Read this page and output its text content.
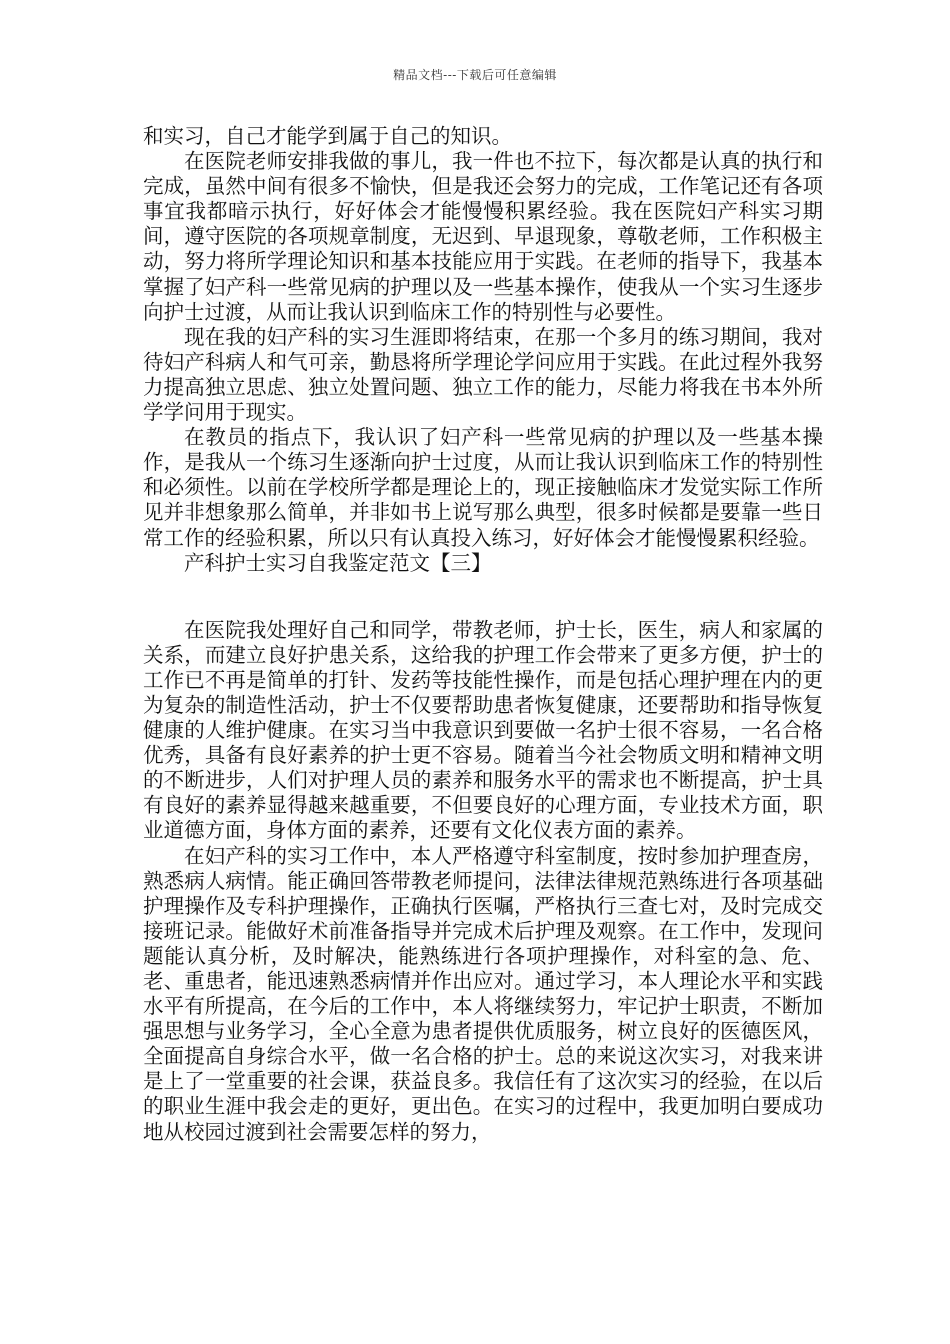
精品文档---下载后可任意编辑

和实习，自己才能学到属于自己的知识。

在医院老师安排我做的事儿，我一件也不拉下，每次都是认真的执行和完成，虽然中间有很多不愉快，但是我还会努力的完成，工作笔记还有各项事宜我都暗示执行，好好体会才能慢慢积累经验。我在医院妇产科实习期间，遵守医院的各项规章制度，无迟到、早退现象，尊敬老师，工作积极主动，努力将所学理论知识和基本技能应用于实践。在老师的指导下，我基本掌握了妇产科一些常见病的护理以及一些基本操作，使我从一个实习生逐步向护士过渡，从而让我认识到临床工作的特别性与必要性。

现在我的妇产科的实习生涯即将结束，在那一个多月的练习期间，我对待妇产科病人和气可亲，勤恳将所学理论学问应用于实践。在此过程外我努力提高独立思虑、独立处置问题、独立工作的能力，尽能力将我在书本外所学学问用于现实。

在教员的指点下，我认识了妇产科一些常见病的护理以及一些基本操作，是我从一个练习生逐渐向护士过度，从而让我认识到临床工作的特别性和必须性。以前在学校所学都是理论上的，现正接触临床才发觉实际工作所见并非想象那么简单，并非如书上说写那么典型，很多时候都是要靠一些日常工作的经验积累，所以只有认真投入练习，好好体会才能慢慢累积经验。

产科护士实习自我鉴定范文【三】

在医院我处理好自己和同学，带教老师，护士长，医生，病人和家属的关系，而建立良好护患关系，这给我的护理工作会带来了更多方便，护士的工作已不再是简单的打针、发药等技能性操作，而是包括心理护理在内的更为复杂的制造性活动，护士不仅要帮助患者恢复健康，还要帮助和指导恢复健康的人维护健康。在实习当中我意识到要做一名护士很不容易，一名合格优秀，具备有良好素养的护士更不容易。随着当今社会物质文明和精神文明的不断进步，人们对护理人员的素养和服务水平的需求也不断提高，护士具有良好的素养显得越来越重要，不但要良好的心理方面，专业技术方面，职业道德方面，身体方面的素养，还要有文化仪表方面的素养。

在妇产科的实习工作中，本人严格遵守科室制度，按时参加护理查房，熟悉病人病情。能正确回答带教老师提问，法律法律规范熟练进行各项基础护理操作及专科护理操作，正确执行医嘱，严格执行三查七对，及时完成交接班记录。能做好术前准备指导并完成术后护理及观察。在工作中，发现问题能认真分析，及时解决，能熟练进行各项护理操作，对科室的急、危、老、重患者，能迅速熟悉病情并作出应对。通过学习，本人理论水平和实践水平有所提高，在今后的工作中，本人将继续努力，牢记护士职责，不断加强思想与业务学习，全心全意为患者提供优质服务，树立良好的医德医风，全面提高自身综合水平，做一名合格的护士。总的来说这次实习，对我来讲是上了一堂重要的社会课，获益良多。我信任有了这次实习的经验，在以后的职业生涯中我会走的更好，更出色。在实习的过程中，我更加明白要成功地从校园过渡到社会需要怎样的努力，
